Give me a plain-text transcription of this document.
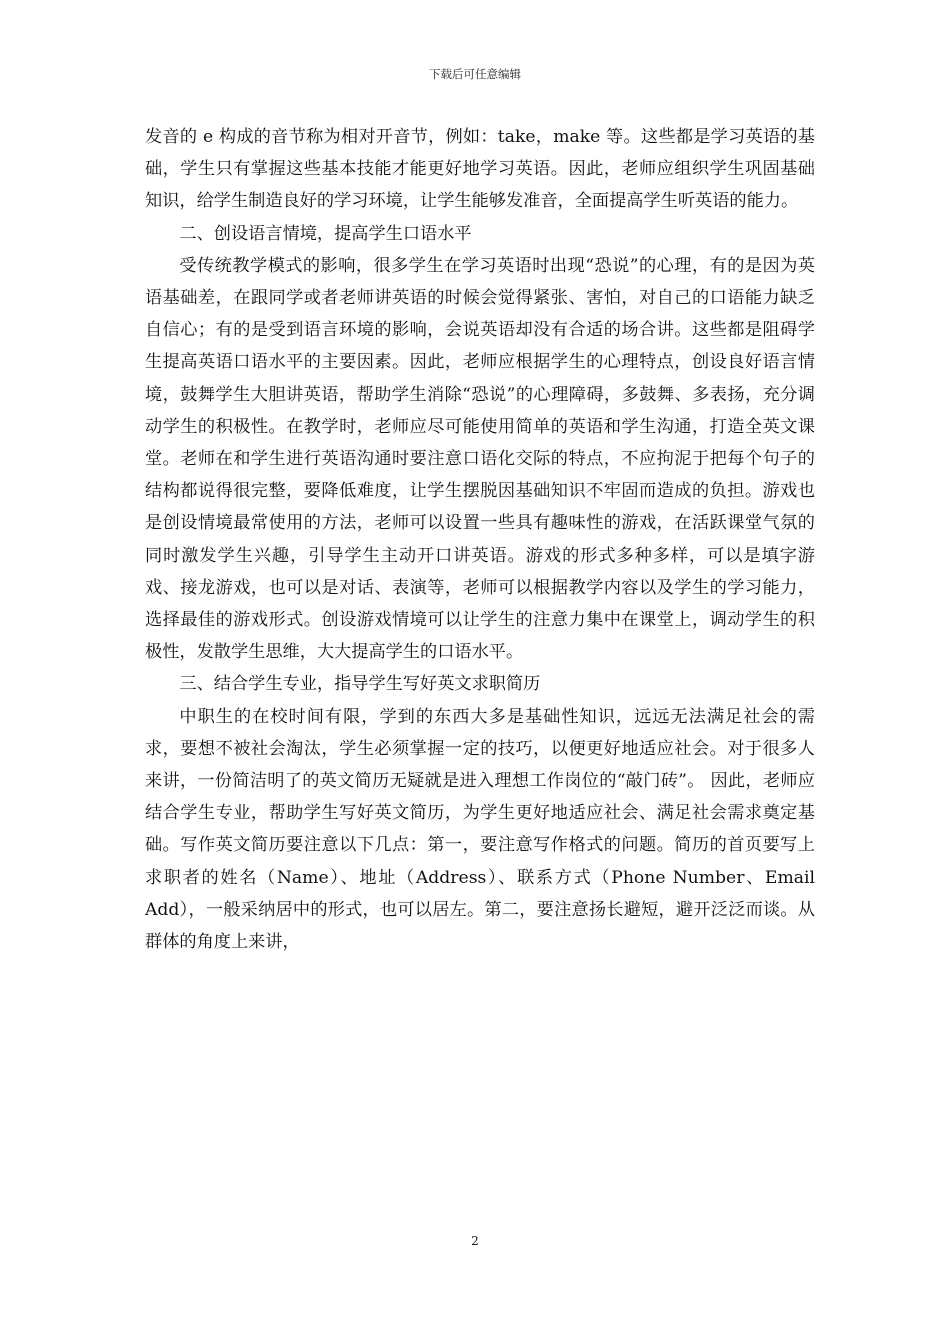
下载后可任意编辑

发音的 e 构成的音节称为相对开音节，例如：take，make 等。这些都是学习英语的基础，学生只有掌握这些基本技能才能更好地学习英语。因此，老师应组织学生巩固基础知识，给学生制造良好的学习环境，让学生能够发准音，全面提高学生听英语的能力。

二、创设语言情境，提高学生口语水平

受传统教学模式的影响，很多学生在学习英语时出现“恐说”的心理，有的是因为英语基础差，在跟同学或者老师讲英语的时候会觉得紧张、害怕，对自己的口语能力缺乏自信心；有的是受到语言环境的影响，会说英语却没有合适的场合讲。这些都是阻碍学生提高英语口语水平的主要因素。因此，老师应根据学生的心理特点，创设良好语言情境，鼓舞学生大胆讲英语，帮助学生消除“恐说”的心理障碍，多鼓舞、多表扬，充分调动学生的积极性。在教学时，老师应尽可能使用简单的英语和学生沟通，打造全英文课堂。老师在和学生进行英语沟通时要注意口语化交际的特点，不应拘泥于把每个句子的结构都说得很完整，要降低难度，让学生摆脱因基础知识不牢固而造成的负担。游戏也是创设情境最常使用的方法，老师可以设置一些具有趣味性的游戏，在活跃课堂气氛的同时激发学生兴趣，引导学生主动开口讲英语。游戏的形式多种多样，可以是填字游戏、接龙游戏，也可以是对话、表演等，老师可以根据教学内容以及学生的学习能力，选择最佳的游戏形式。创设游戏情境可以让学生的注意力集中在课堂上，调动学生的积极性，发散学生思维，大大提高学生的口语水平。

三、结合学生专业，指导学生写好英文求职简历

中职生的在校时间有限，学到的东西大多是基础性知识，远远无法满足社会的需求，要想不被社会淘汰，学生必须掌握一定的技巧，以便更好地适应社会。对于很多人来讲，一份简洁明了的英文简历无疑就是进入理想工作岗位的“敲门砖”。 因此，老师应结合学生专业，帮助学生写好英文简历，为学生更好地适应社会、满足社会需求奠定基础。写作英文简历要注意以下几点：第一，要注意写作格式的问题。简历的首页要写上求职者的姓名（Name）、地址（Address）、联系方式（Phone Number、Email Add），一般采纳居中的形式，也可以居左。第二，要注意扬长避短，避开泛泛而谈。从群体的角度上来讲，

2
